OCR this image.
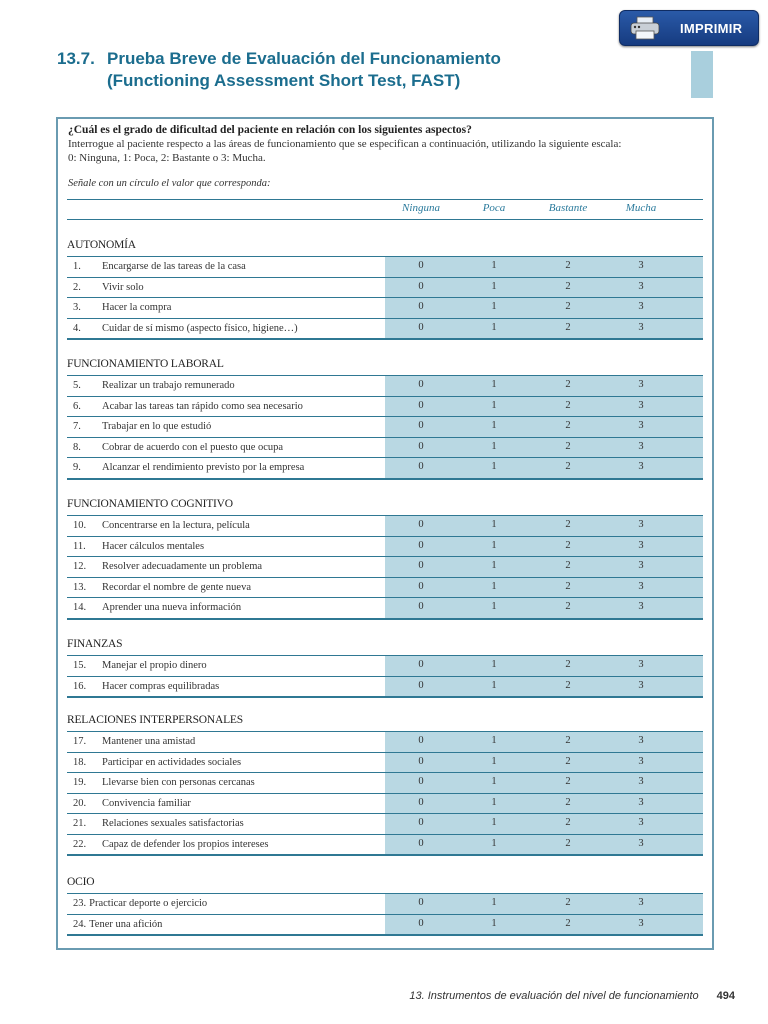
IMPRIMIR
13.7. Prueba Breve de Evaluación del Funcionamiento
(Functioning Assessment Short Test, FAST)
¿Cuál es el grado de dificultad del paciente en relación con los siguientes aspectos?
Interrogue al paciente respecto a las áreas de funcionamiento que se especifican a continuación, utilizando la siguiente escala:
0: Ninguna, 1: Poca, 2: Bastante o 3: Mucha.
Señale con un círculo el valor que corresponda:
Ninguna	Poca	Bastante	Mucha
AUTONOMÍA
1.	Encargarse de las tareas de la casa	0	1	2	3
2.	Vivir solo	0	1	2	3
3.	Hacer la compra	0	1	2	3
4.	Cuidar de sí mismo (aspecto físico, higiene…)	0	1	2	3
FUNCIONAMIENTO LABORAL
5.	Realizar un trabajo remunerado	0	1	2	3
6.	Acabar las tareas tan rápido como sea necesario	0	1	2	3
7.	Trabajar en lo que estudió	0	1	2	3
8.	Cobrar de acuerdo con el puesto que ocupa	0	1	2	3
9.	Alcanzar el rendimiento previsto por la empresa	0	1	2	3
FUNCIONAMIENTO COGNITIVO
10.	Concentrarse en la lectura, película	0	1	2	3
11.	Hacer cálculos mentales	0	1	2	3
12.	Resolver adecuadamente un problema	0	1	2	3
13.	Recordar el nombre de gente nueva	0	1	2	3
14.	Aprender una nueva información	0	1	2	3
FINANZAS
15.	Manejar el propio dinero	0	1	2	3
16.	Hacer compras equilibradas	0	1	2	3
RELACIONES INTERPERSONALES
17.	Mantener una amistad	0	1	2	3
18.	Participar en actividades sociales	0	1	2	3
19.	Llevarse bien con personas cercanas	0	1	2	3
20.	Convivencia familiar	0	1	2	3
21.	Relaciones sexuales satisfactorias	0	1	2	3
22.	Capaz de defender los propios intereses	0	1	2	3
OCIO
23. Practicar deporte o ejercicio	0	1	2	3
24. Tener una afición	0	1	2	3
13. Instrumentos de evaluación del nivel de funcionamiento 494
